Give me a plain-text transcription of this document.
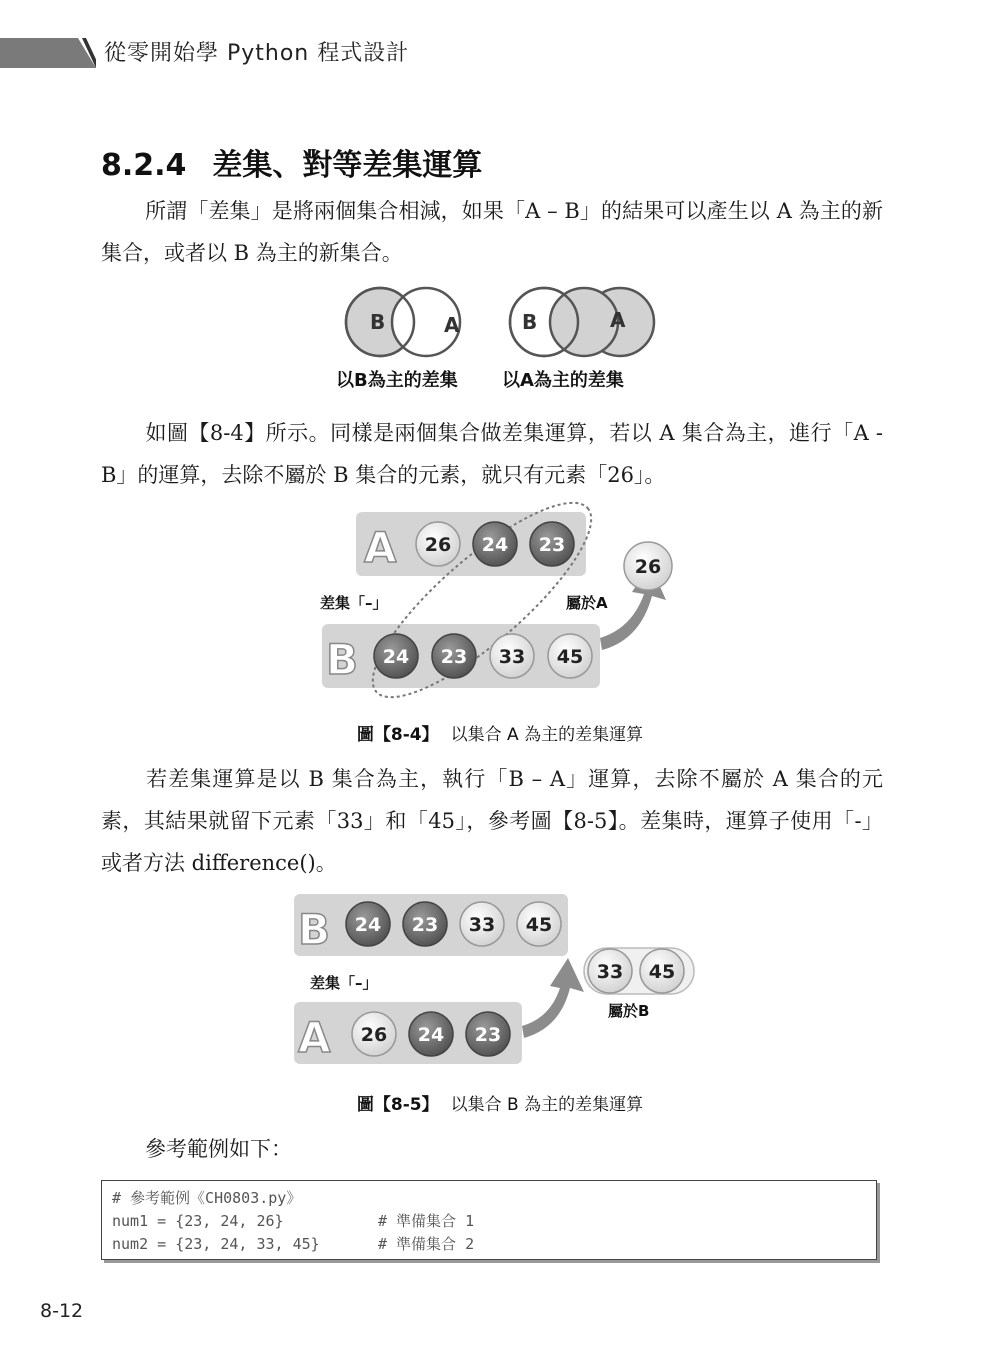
從零開始學 Python 程式設計
8.2.4 差集、對等差集運算
所謂「差集」是將兩個集合相減，如果「A – B」的結果可以產生以 A 為主的新集合，或者以 B 為主的新集合。
B	A	B	A
以B為主的差集 以A為主的差集
如圖【8-4】所示。同樣是兩個集合做差集運算，若以 A 集合為主，進行「A - B」的運算，去除不屬於 B 集合的元素，就只有元素「26」。
A
B
26 24 23
24 23 33 45
26
差集「–」	屬於A
圖【8-4】 以集合 A 為主的差集運算
若差集運算是以 B 集合為主，執行「B – A」運算，去除不屬於 A 集合的元素，其結果就留下元素「33」和「45」，參考圖【8-5】。差集時，運算子使用「-」或者方法 difference()。
B
A
24 23 33 45
26 24 23
33 45
差集「–」
屬於B
圖【8-5】 以集合 B 為主的差集運算
參考範例如下：
# 參考範例《CH0803.py》
num1 = {23, 24, 26}	# 準備集合 1
num2 = {23, 24, 33, 45}	# 準備集合 2
8-12
